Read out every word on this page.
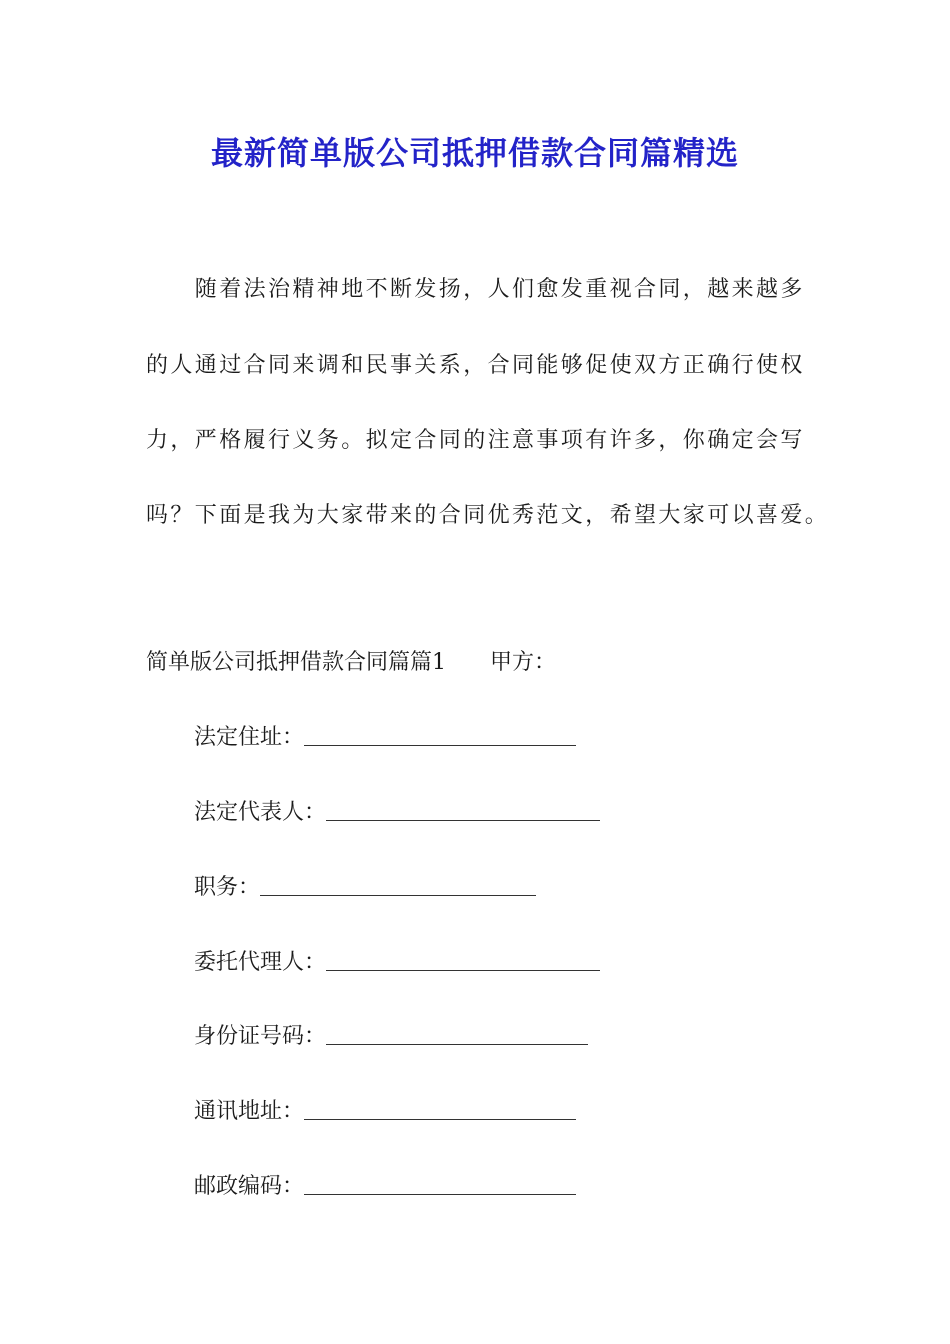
最新简单版公司抵押借款合同篇精选

　　随着法治精神地不断发扬，人们愈发重视合同，越来越多

的人通过合同来调和民事关系，合同能够促使双方正确行使权

力，严格履行义务。拟定合同的注意事项有许多，你确定会写

吗？下面是我为大家带来的合同优秀范文，希望大家可以喜爱。

简单版公司抵押借款合同篇篇1 甲方：

法定住址：

法定代表人：

职务：

委托代理人：

身份证号码：

通讯地址：

邮政编码：
